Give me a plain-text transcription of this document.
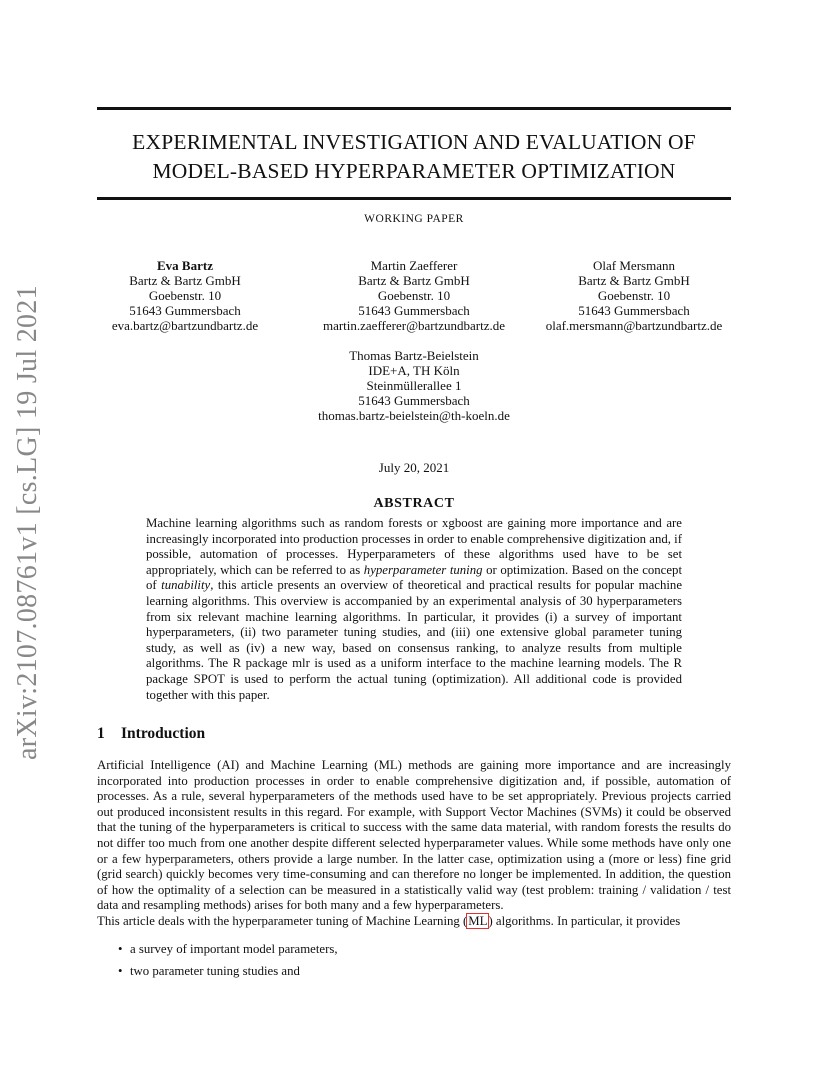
arXiv:2107.08761v1 [cs.LG] 19 Jul 2021
EXPERIMENTAL INVESTIGATION AND EVALUATION OF
MODEL-BASED HYPERPARAMETER OPTIMIZATION
WORKING PAPER
Eva Bartz
Bartz & Bartz GmbH
Goebenstr. 10
51643 Gummersbach
eva.bartz@bartzundbartz.de
Martin Zaefferer
Bartz & Bartz GmbH
Goebenstr. 10
51643 Gummersbach
martin.zaefferer@bartzundbartz.de
Olaf Mersmann
Bartz & Bartz GmbH
Goebenstr. 10
51643 Gummersbach
olaf.mersmann@bartzundbartz.de
Thomas Bartz-Beielstein
IDE+A, TH Köln
Steinmüllerallee 1
51643 Gummersbach
thomas.bartz-beielstein@th-koeln.de
July 20, 2021
ABSTRACT
Machine learning algorithms such as random forests or xgboost are gaining more importance and are increasingly incorporated into production processes in order to enable comprehensive digitization and, if possible, automation of processes. Hyperparameters of these algorithms used have to be set appropriately, which can be referred to as hyperparameter tuning or optimization. Based on the concept of tunability, this article presents an overview of theoretical and practical results for popular machine learning algorithms. This overview is accompanied by an experimental analysis of 30 hyperparameters from six relevant machine learning algorithms. In particular, it provides (i) a survey of important hyperparameters, (ii) two parameter tuning studies, and (iii) one extensive global parameter tuning study, as well as (iv) a new way, based on consensus ranking, to analyze results from multiple algorithms. The R package mlr is used as a uniform interface to the machine learning models. The R package SPOT is used to perform the actual tuning (optimization). All additional code is provided together with this paper.
1 Introduction
Artificial Intelligence (AI) and Machine Learning (ML) methods are gaining more importance and are increasingly incorporated into production processes in order to enable comprehensive digitization and, if possible, automation of processes. As a rule, several hyperparameters of the methods used have to be set appropriately. Previous projects carried out produced inconsistent results in this regard. For example, with Support Vector Machines (SVMs) it could be observed that the tuning of the hyperparameters is critical to success with the same data material, with random forests the results do not differ too much from one another despite different selected hyperparameter values. While some methods have only one or a few hyperparameters, others provide a large number. In the latter case, optimization using a (more or less) fine grid (grid search) quickly becomes very time-consuming and can therefore no longer be implemented. In addition, the question of how the optimality of a selection can be measured in a statistically valid way (test problem: training / validation / test data and resampling methods) arises for both many and a few hyperparameters.
This article deals with the hyperparameter tuning of Machine Learning (ML) algorithms. In particular, it provides
• a survey of important model parameters,
• two parameter tuning studies and
